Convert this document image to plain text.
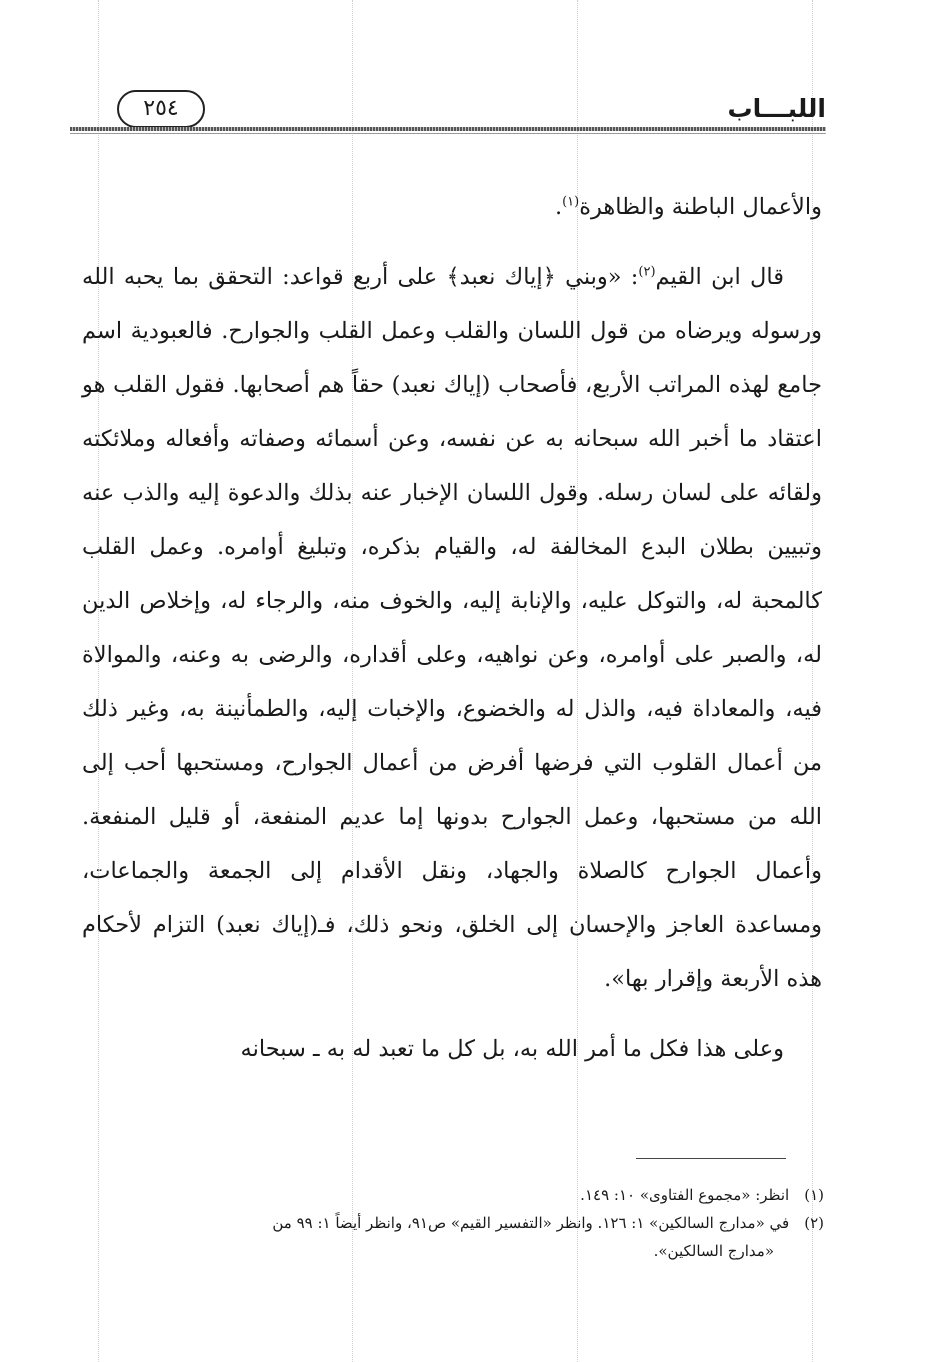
٢٥٤	اللبـــاب

والأعمال الباطنة والظاهرة$^{(١)}$.

قال ابن القيم$^{(٢)}$: «وبني ﴿إياك نعبد﴾ على أربع قواعد: التحقق بما يحبه الله ورسوله ويرضاه من قول اللسان والقلب وعمل القلب والجوارح. فالعبودية اسم جامع لهذه المراتب الأربع، فأصحاب (إياك نعبد) حقاً هم أصحابها. فقول القلب هو اعتقاد ما أخبر الله سبحانه به عن نفسه، وعن أسمائه وصفاته وأفعاله وملائكته ولقائه على لسان رسله. وقول اللسان الإخبار عنه بذلك والدعوة إليه والذب عنه وتبيين بطلان البدع المخالفة له، والقيام بذكره، وتبليغ أوامره. وعمل القلب كالمحبة له، والتوكل عليه، والإنابة إليه، والخوف منه، والرجاء له، وإخلاص الدين له، والصبر على أوامره، وعن نواهيه، وعلى أقداره، والرضى به وعنه، والموالاة فيه، والمعاداة فيه، والذل له والخضوع، والإخبات إليه، والطمأنينة به، وغير ذلك من أعمال القلوب التي فرضها أفرض من أعمال الجوارح، ومستحبها أحب إلى الله من مستحبها، وعمل الجوارح بدونها إما عديم المنفعة، أو قليل المنفعة. وأعمال الجوارح كالصلاة والجهاد، ونقل الأقدام إلى الجمعة والجماعات، ومساعدة العاجز والإحسان إلى الخلق، ونحو ذلك، فـ(إياك نعبد) التزام لأحكام هذه الأربعة وإقرار بها».

وعلى هذا فكل ما أمر الله به، بل كل ما تعبد له به ـ سبحانه

(١) انظر: «مجموع الفتاوى» ١٠: ١٤٩.

(٢) في «مدارج السالكين» ١: ١٢٦. وانظر «التفسير القيم» ص٩١، وانظر أيضاً ١: ٩٩ من

«مدارج السالكين».
